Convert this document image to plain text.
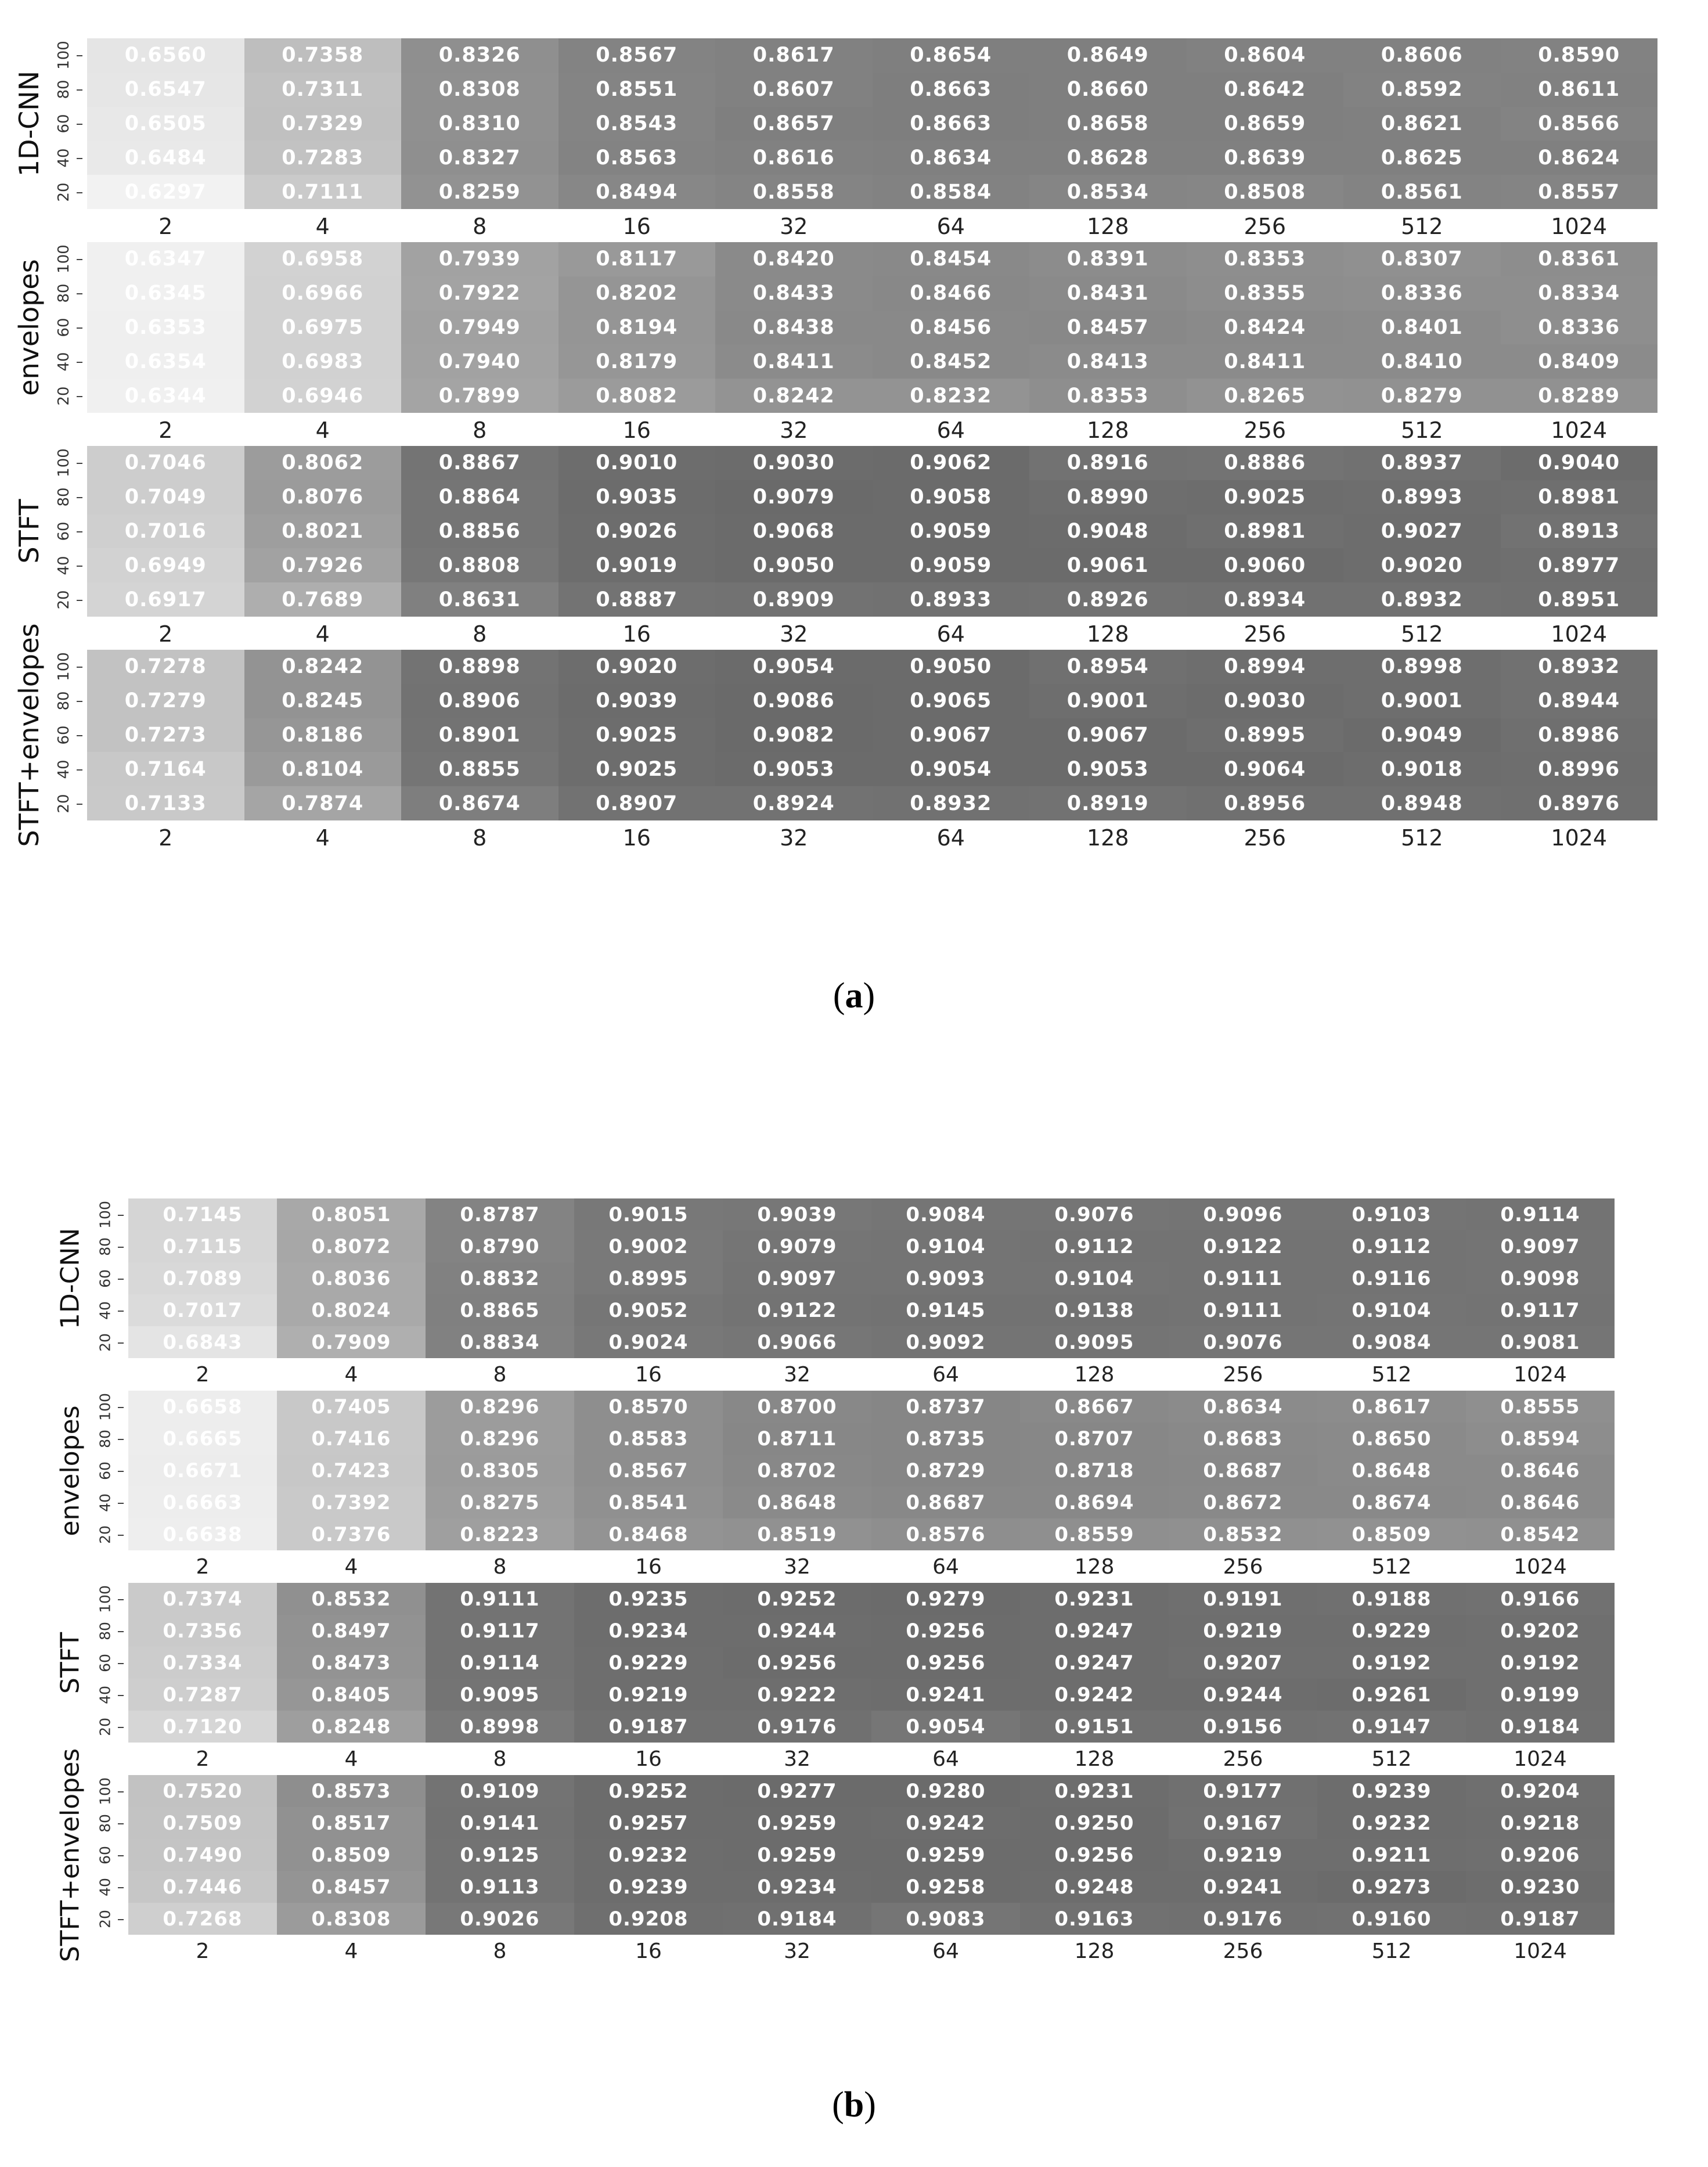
1D-CNN
100
80
60
40
20
0.6560	0.7358	0.8326	0.8567	0.8617	0.8654	0.8649	0.8604	0.8606	0.8590
0.6547	0.7311	0.8308	0.8551	0.8607	0.8663	0.8660	0.8642	0.8592	0.8611
0.6505	0.7329	0.8310	0.8543	0.8657	0.8663	0.8658	0.8659	0.8621	0.8566
0.6484	0.7283	0.8327	0.8563	0.8616	0.8634	0.8628	0.8639	0.8625	0.8624
0.6297	0.7111	0.8259	0.8494	0.8558	0.8584	0.8534	0.8508	0.8561	0.8557
2	4	8	16	32	64	128	256	512	1024
envelopes 100
80
60
40
20
0.6347	0.6958	0.7939	0.8117	0.8420	0.8454	0.8391	0.8353	0.8307	0.8361
0.6345	0.6966	0.7922	0.8202	0.8433	0.8466	0.8431	0.8355	0.8336	0.8334
0.6353	0.6975	0.7949	0.8194	0.8438	0.8456	0.8457	0.8424	0.8401	0.8336
0.6354	0.6983	0.7940	0.8179	0.8411	0.8452	0.8413	0.8411	0.8410	0.8409
0.6344	0.6946	0.7899	0.8082	0.8242	0.8232	0.8353	0.8265	0.8279	0.8289
2	4	8	16	32	64	128	256	512	1024
STFT
100
80
60
40
20
0.7046	0.8062	0.8867	0.9010	0.9030	0.9062	0.8916	0.8886	0.8937	0.9040
0.7049	0.8076	0.8864	0.9035	0.9079	0.9058	0.8990	0.9025	0.8993	0.8981
0.7016	0.8021	0.8856	0.9026	0.9068	0.9059	0.9048	0.8981	0.9027	0.8913
0.6949	0.7926	0.8808	0.9019	0.9050	0.9059	0.9061	0.9060	0.9020	0.8977
0.6917	0.7689	0.8631	0.8887	0.8909	0.8933	0.8926	0.8934	0.8932	0.8951
2	4	8	16	32	64	128	256	512	1024
STFT+envelopes 100
80
60
40
20
0.7278	0.8242	0.8898	0.9020	0.9054	0.9050	0.8954	0.8994	0.8998	0.8932
0.7279	0.8245	0.8906	0.9039	0.9086	0.9065	0.9001	0.9030	0.9001	0.8944
0.7273	0.8186	0.8901	0.9025	0.9082	0.9067	0.9067	0.8995	0.9049	0.8986
0.7164	0.8104	0.8855	0.9025	0.9053	0.9054	0.9053	0.9064	0.9018	0.8996
0.7133	0.7874	0.8674	0.8907	0.8924	0.8932	0.8919	0.8956	0.8948	0.8976
2	4	8	16	32	64	128	256	512	1024
(a)
1D-CNN
100
80
60
40
20
0.7145	0.8051	0.8787	0.9015	0.9039	0.9084	0.9076	0.9096	0.9103	0.9114
0.7115	0.8072	0.8790	0.9002	0.9079	0.9104	0.9112	0.9122	0.9112	0.9097
0.7089	0.8036	0.8832	0.8995	0.9097	0.9093	0.9104	0.9111	0.9116	0.9098
0.7017	0.8024	0.8865	0.9052	0.9122	0.9145	0.9138	0.9111	0.9104	0.9117
0.6843	0.7909	0.8834	0.9024	0.9066	0.9092	0.9095	0.9076	0.9084	0.9081
2	4	8	16	32	64	128	256	512	1024
envelopes 100
80
60
40
20
0.6658	0.7405	0.8296	0.8570	0.8700	0.8737	0.8667	0.8634	0.8617	0.8555
0.6665	0.7416	0.8296	0.8583	0.8711	0.8735	0.8707	0.8683	0.8650	0.8594
0.6671	0.7423	0.8305	0.8567	0.8702	0.8729	0.8718	0.8687	0.8648	0.8646
0.6663	0.7392	0.8275	0.8541	0.8648	0.8687	0.8694	0.8672	0.8674	0.8646
0.6638	0.7376	0.8223	0.8468	0.8519	0.8576	0.8559	0.8532	0.8509	0.8542
2	4	8	16	32	64	128	256	512	1024
STFT
100
80
60
40
20
0.7374	0.8532	0.9111	0.9235	0.9252	0.9279	0.9231	0.9191	0.9188	0.9166
0.7356	0.8497	0.9117	0.9234	0.9244	0.9256	0.9247	0.9219	0.9229	0.9202
0.7334	0.8473	0.9114	0.9229	0.9256	0.9256	0.9247	0.9207	0.9192	0.9192
0.7287	0.8405	0.9095	0.9219	0.9222	0.9241	0.9242	0.9244	0.9261	0.9199
0.7120	0.8248	0.8998	0.9187	0.9176	0.9054	0.9151	0.9156	0.9147	0.9184
2	4	8	16	32	64	128	256	512	1024
STFT+envelopes 100
80
60
40
20
0.7520	0.8573	0.9109	0.9252	0.9277	0.9280	0.9231	0.9177	0.9239	0.9204
0.7509	0.8517	0.9141	0.9257	0.9259	0.9242	0.9250	0.9167	0.9232	0.9218
0.7490	0.8509	0.9125	0.9232	0.9259	0.9259	0.9256	0.9219	0.9211	0.9206
0.7446	0.8457	0.9113	0.9239	0.9234	0.9258	0.9248	0.9241	0.9273	0.9230
0.7268	0.8308	0.9026	0.9208	0.9184	0.9083	0.9163	0.9176	0.9160	0.9187
2	4	8	16	32	64	128	256	512	1024
(b)
